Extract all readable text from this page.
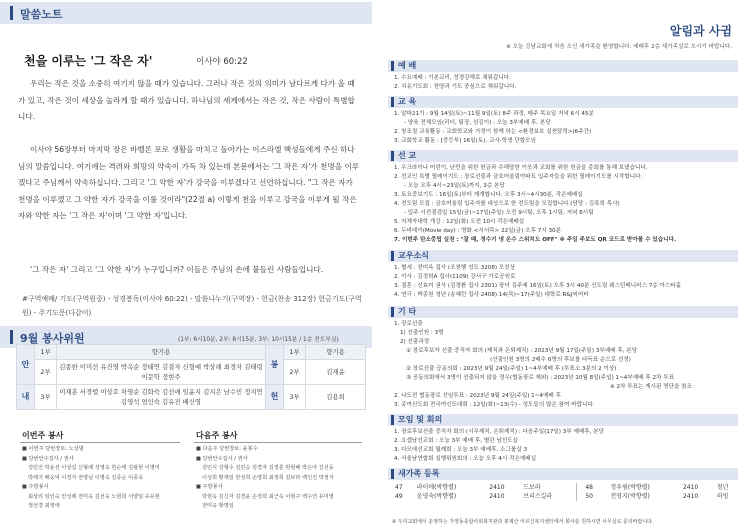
말씀노트
천을 이루는 '그 작은 자'	이사야 60:22
우리는 작은 것을 소중히 여기지 않을 때가 있습니다. 그러나 작은 것의 의미가 남다르게 다가 올 때가 있고, 작은 것이 세상을 놀라게 할 때가 있습니다. 하나님의 세계에서는 작은 것, 작은 사람이 특별합니다.
이사야 56장부터 마지막 장은 바벨론 포로 생활을 마치고 돌아가는 이스라엘 백성들에게 주신 하나님의 말씀입니다. 여기에는 격려와 희망의 약속이 가득 차 있는데 본문에서는 '그 작은 자'가 천명을 이루겠다고 주님께서 약속하십니다. 그리고 '그 약한 자'가 강국을 이루겠다고 선언하십니다. "그 작은 자가 천명을 이루겠고 그 약한 자가 강국을 이룰 것이라"(22절 a) 이렇게 천을 이루고 강국을 이루게 될 작은 자와 약한 자는 '그 작은 자'이며 '그 약한 자'입니다.
'그 작은 자' 그리고 '그 약한 자'가 누구입니까? 이들은 주님의 손에 붙들린 사람들입니다.
#구역예배/ 기도(구역원중) - 성경봉독(이사야 60:22) - 말씀나누기(구역장) - 헌금(찬송 312장) 헌금기도(구역원) - 주기도문(다같이)
9월 봉사위원	(1부: 6시10분, 2부: 8시15분, 3부: 10시15분 / 1층 전도부실)
안	1부	향기용	봉	1부	향기용
	2부	김종한 이미선 유진영 박옥순 장태연 김결자 신형예 박상례 최경자 김태령 이문학 정현주		2부	김재윤
내	3부	이재훈 서경렬 이상호 차영순 김화숙 김선애 임윤지 김지은 남수민 정지연 김영석 엄인숙 김유진 배신영	헌	3부	김용희
이번주 봉사
■ 이번주 당번장로: 노상범
■ 당번안수집사 / 권사
김민진 박윤선 이상길 신형례 성영옥 한순태 김광현 이명미
박래지 배웅덕 이경자 전영님 이명숙 김종순 이종옥
■ 주방봉사
최상리 임인숙 안성례 전미옥 김선숙 노현희 서양임 유유현
정선경 최영애
다음주 봉사
■ 다음주 당번장로: 윤봉수
■ 당번안수집사 / 권사
김민식 강형수 김민승 김경자 김경훈 박현배 박은아 김선동
이성희 황재일 한성희 손영희 최정희 김보라 백인진 박정자
■ 주방봉사
박현옥 김신자 김경윤 손정희 최근옥 이현구 백수연 유미영
전미옥 황명임
알림과 사귐
※ 오늘 강남교회에 처음 오신 새가족을 환영합니다. 예배후 2층 새가족실로 오시기 바랍니다.
예 배
1. 수요예배 : 기본교리, 성경강해로 채워갑니다.
2. 치유기도회 : 찬양과 기도 중심으로 채워갑니다.
교 육
1. 알파21기 : 9월 14일(토)~11월 9일(토) 8주 과정, 매주 목요일 저녁 6시 45분
- 양육 전체모임(리더, 팀장, 섬김이) : 오늘 3부예배 후, 본당
2. 창조절 교육활동 : 교회학교와 가정이 함께 하는 <환경보호 실천달력>(6주간)
3. 교회학교 활동 : [중등부] 16일(토), 교사-학생 단합모임
선 교
1. 우크라이나 어린이, 난민을 위한 헌금과 수해당한 이웃과 교회를 위한 헌금을 총회를 통해 보냈습니다.
2. 전교인 특별 릴레이기도 : 장로선출과 금호어울림아파트 입주자들을 위한 릴레이기도를 시작합니다.
- 오늘 오후 4시~23일(토)까지, 3층 본당
3. 토요중보기도 : 16일(토)부터 재개합니다. 오후 3시~4시30분, 작은예배실
4. 전도팀 모집 : 금호어울림 입주자를 대상으로 한 전도팀을 모집합니다.(담당 : 김록희 목사)
- 입주 사전점검일 15일(금)~17일(주일) 오전 9시팀, 오후 1시팀, 저녁 6시팀
5. 지체자대학 개강 : 12일(화) 오전 10시 작은예배실
6. 두비데이(Movie day) : 영화 <서서목> 22일(금) 오후 7시 30분
7. 이번주 탄소중립 실천 : "잘 때, 정수기 냉 온수 스위치도 OFF" ※ 주일 주보도 QR 코드로 받아볼 수 있습니다.
교우소식
1. 별세 : 전미옥 집사 (조천행 성도 3208) 모친상
2. 이사 : 김정희A 집사(1109) 강서구 가로공원로
3. 결혼 : 신효미 권사 (김정환 집사 2301) 장녀 김주예 16일(토) 오후 3시 40분 신도림 웨스턴베니비스 7층 아스타홀
4. 연극 : 박종원 청년 (송혜런 집사 2408) 14(목)~17(주일) 대학로 R&J씨어터
기 타
1. 장로선출
1) 선출인원 : 3명
2) 선출과정
① 장로후보자 선출 중직자 회의 (제직과 은퇴제직) : 2023년 9월 17일(주일) 3부예배 후, 본당
(선출인원 3명의 2배수 6명의 후보를 다득표 순으로 선정)
② 장로선출 공동의회 : 2023년 9월 24일(주일) 1~4부예배 후 (투표소 3분의 2 이상)
③ 공동의회에서 3명이 선출되지 않을 경우(협동장로 제외) : 2023년 10월 8일(주일) 1~4부예배 후 2차 투표
※ 2차 투표는 게시된 명단을 참조
2. 나도전 협동장로 선임투표 : 2023년 9월 24일(주일) 1~4예배 후
3. 종여신도회 전국여신도대회 : 12일(화)~13(수) - 성도들의 많은 참여 바랍니다.
모임 및 회의
1. 장로후보선출 중직자 회의 (시무제직, 은퇴제직) : 다음주일(17일) 3부 예배후, 본당
2. 요셉남선교회 : 오늘 3부 예배 후, 별관 남선도실
3. 다모데선교회 월례회 : 오늘 3부 예배후, 소그룹실 3
4. 서울남연합회 실행위원회의 : 오늘 오후 4시 작은예배실
새가족 등록
47	라이애(박향렬)	2410	드보라	48	정우림(박향렬)	2410	청년
49	윤영숙(박향렬)	2410	브리스길라	50	전영지(박향렬)	2410	러빙
※ 우리교회에서 운영하는 가양동종합사회복지관과 봉제산 어르신복지센터에서 봉사를 원하시면 사무실로 문의바랍니다.
